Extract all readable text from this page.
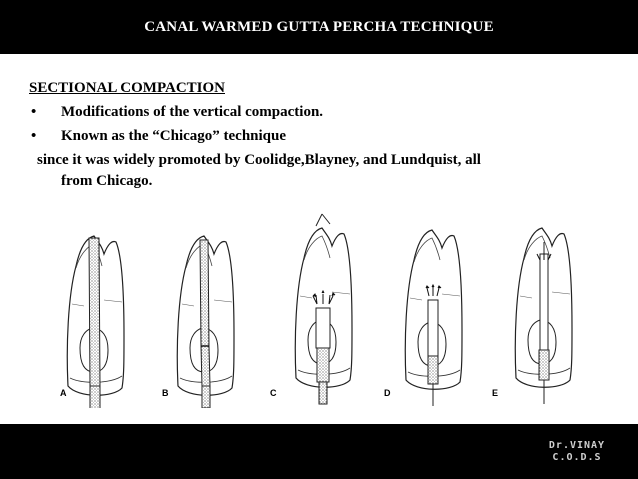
CANAL WARMED GUTTA PERCHA TECHNIQUE

SECTIONAL COMPACTION

• Modifications of the vertical compaction.
• Known as the “Chicago” technique

since it was widely promoted by Coolidge,Blayney, and Lundquist, all
from Chicago.

A	B	C	D	E
Dr.VINAY
C.O.D.S
